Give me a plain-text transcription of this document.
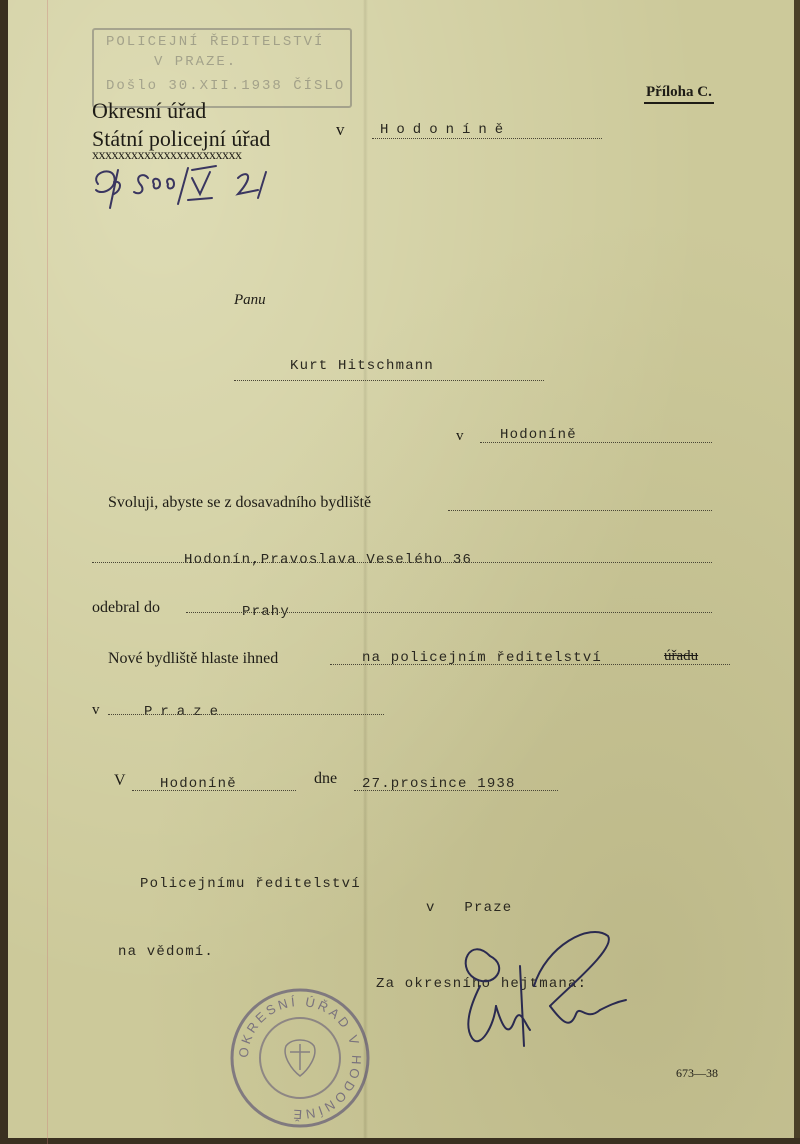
POLICEJNÍ ŘEDITELSTVÍ
V PRAZE.
Došlo 30.XII.1938 ČÍSLO	Příloha C.
Okresní úřad
Státní policejní úřad	v	Hodoníně
xxxxxxxxxxxxxxxxxxxxxxx
Panu
Kurt Hitschmann
v	Hodoníně
Svoluji, abyste se z dosavadního bydliště
Hodonín,Pravoslava Veselého 36
odebral do	Prahy
Nové bydliště hlaste ihned	na policejním ředitelství	úřadu
v	Praze
V Hodoníně	dne 27.prosince 1938
Policejnímu ředitelství
v   Praze
na vědomí.
Za okresního hejtmana:
OKRESNÍ ÚŘAD V HODONÍNĚ
673—38
